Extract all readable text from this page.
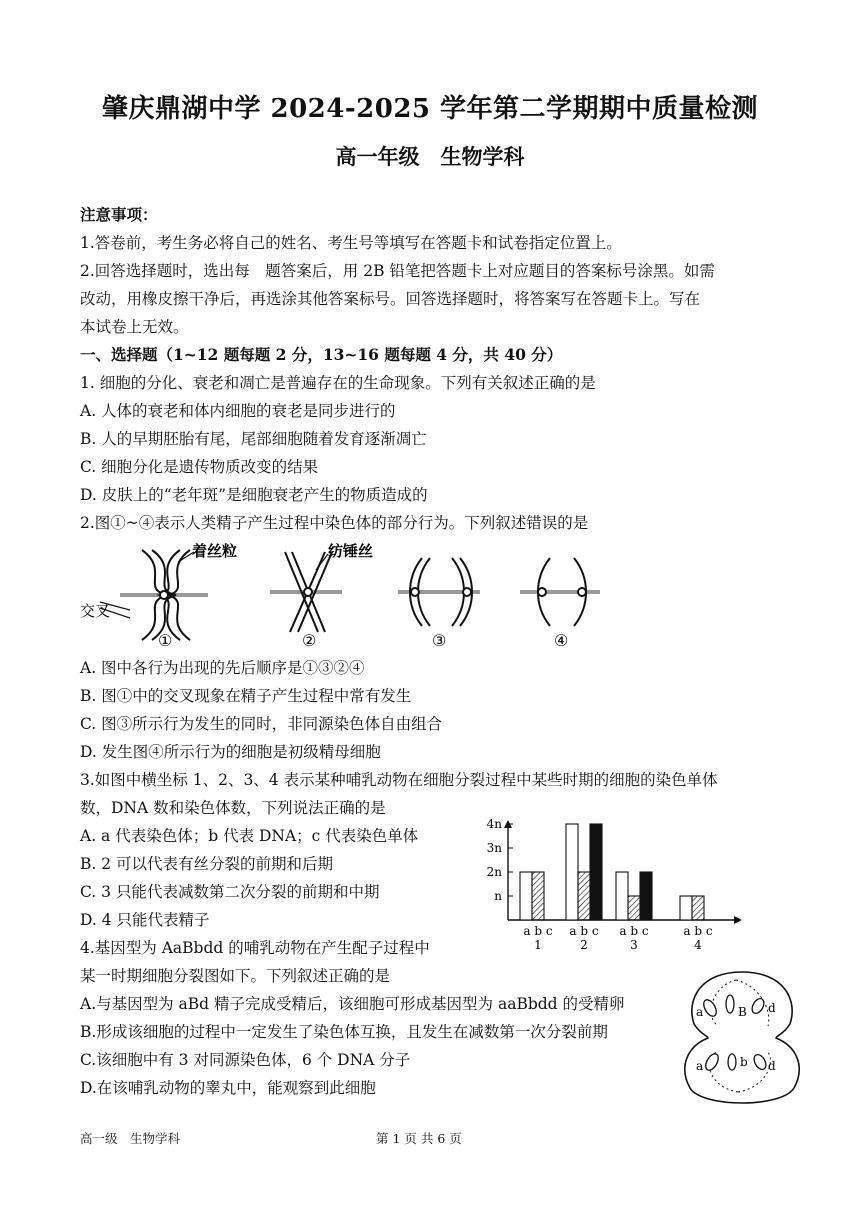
肇庆鼎湖中学 2024-2025 学年第二学期期中质量检测
高一年级　生物学科
注意事项：
1.答卷前，考生务必将自己的姓名、考生号等填写在答题卡和试卷指定位置上。
2.回答选择题时，选出每　题答案后，用 2B 铅笔把答题卡上对应题目的答案标号涂黑。如需
改动，用橡皮擦干净后，再选涂其他答案标号。回答选择题时，将答案写在答题卡上。写在
本试卷上无效。
一、选择题（1~12 题每题 2 分，13~16 题每题 4 分，共 40 分）
1. 细胞的分化、衰老和凋亡是普遍存在的生命现象。下列有关叙述正确的是
A. 人体的衰老和体内细胞的衰老是同步进行的
B. 人的早期胚胎有尾，尾部细胞随着发育逐渐凋亡
C. 细胞分化是遗传物质改变的结果
D. 皮肤上的“老年斑”是细胞衰老产生的物质造成的
2.图①~④表示人类精子产生过程中染色体的部分行为。下列叙述错误的是
着丝粒
交叉
①
纺锤丝
②	③	④
A. 图中各行为出现的先后顺序是①③②④
B. 图①中的交叉现象在精子产生过程中常有发生
C. 图③所示行为发生的同时，非同源染色体自由组合
D. 发生图④所示行为的细胞是初级精母细胞
3.如图中横坐标 1、2、3、4 表示某种哺乳动物在细胞分裂过程中某些时期的细胞的染色单体
数，DNA 数和染色体数，下列说法正确的是
A. a 代表染色体；b 代表 DNA；c 代表染色单体
B. 2 可以代表有丝分裂的前期和后期
C. 3 只能代表减数第二次分裂的前期和中期
D. 4 只能代表精子
n
2n
3n
4n
a b c
1
a b c
2
a b c
3
a b c
4
4.基因型为 AaBbdd 的哺乳动物在产生配子过程中
某一时期细胞分裂图如下。下列叙述正确的是
A.与基因型为 aBd 精子完成受精后，该细胞可形成基因型为 aaBbdd 的受精卵
B.形成该细胞的过程中一定发生了染色体互换，且发生在减数第一次分裂前期
C.该细胞中有 3 对同源染色体，6 个 DNA 分子
D.在该哺乳动物的睾丸中，能观察到此细胞
a	B d
a	b d
高一级　生物学科	第 1 页 共 6 页
